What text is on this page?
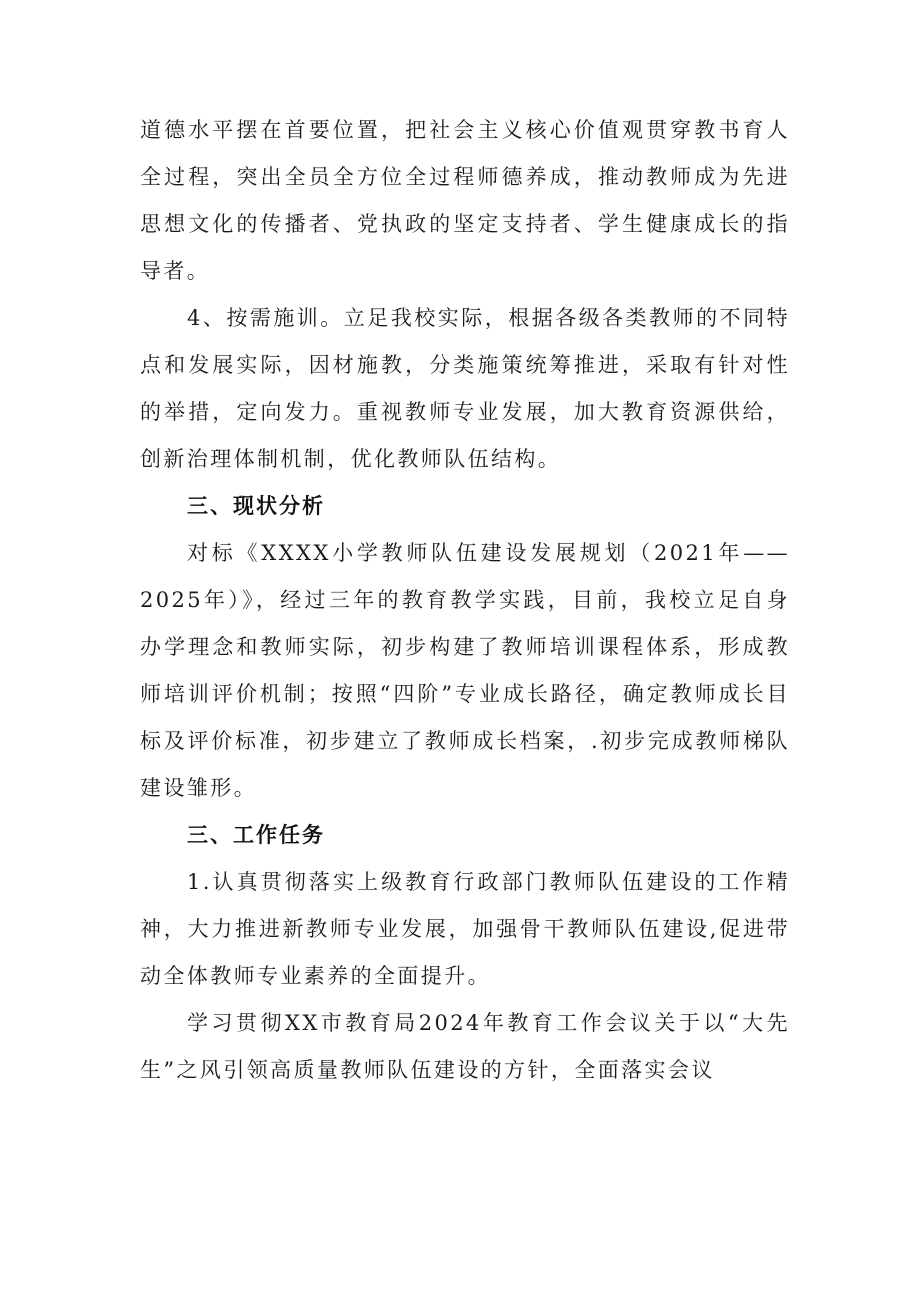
道德水平摆在首要位置，把社会主义核心价值观贯穿教书育人全过程，突出全员全方位全过程师德养成，推动教师成为先进思想文化的传播者、党执政的坚定支持者、学生健康成长的指导者。

4、按需施训。立足我校实际，根据各级各类教师的不同特点和发展实际，因材施教，分类施策统筹推进，采取有针对性的举措，定向发力。重视教师专业发展，加大教育资源供给，创新治理体制机制，优化教师队伍结构。

三、现状分析

对标《XXXX小学教师队伍建设发展规划（2021年——2025年）》，经过三年的教育教学实践，目前，我校立足自身办学理念和教师实际，初步构建了教师培训课程体系，形成教师培训评价机制；按照“四阶”专业成长路径，确定教师成长目标及评价标准，初步建立了教师成长档案，.初步完成教师梯队建设雏形。

三、工作任务

1.认真贯彻落实上级教育行政部门教师队伍建设的工作精神，大力推进新教师专业发展，加强骨干教师队伍建设,促进带动全体教师专业素养的全面提升。

学习贯彻XX市教育局2024年教育工作会议关于以“大先生”之风引领高质量教师队伍建设的方针，全面落实会议
